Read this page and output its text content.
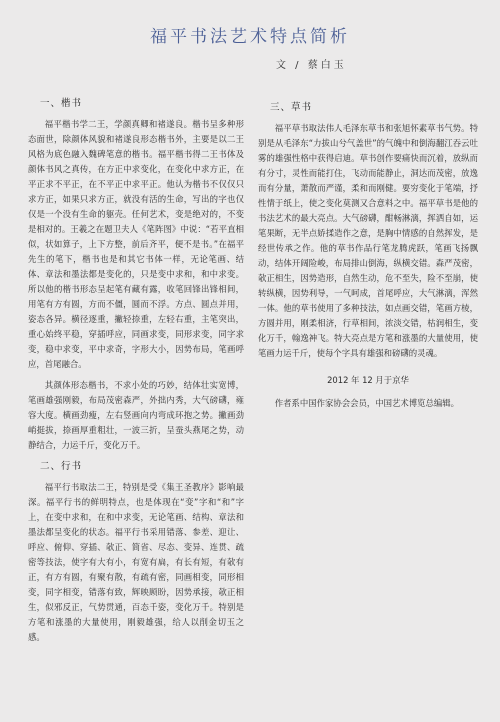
福平书法艺术特点简析
文 / 蔡白玉
一、楷书

福平楷书学二王，学颜真卿和褚遂良。楷书呈多种形态面世，除颜体风貌和褚遂良形态楷书外，主要是以二王风格为底色融入魏碑笔意的楷书。福平楷书得二王书体及颜体书风之真传，在方正中求变化，在变化中求方正，在平正求不平正，在不平正中求平正。他认为楷书不仅仅只求方正，如果只求方正，就没有活的生命，写出的字也仅仅是一个没有生命的躯壳。任何艺术，变是绝对的，不变是相对的。王羲之在题卫夫人《笔阵图》中说：“若平直相似，状如算子，上下方整，前后齐平，便不是书。”在福平先生的笔下，楷书也是和其它书体一样，无论笔画、结体、章法和墨法都是变化的，只是变中求和，和中求变。所以他的楷书形态呈起笔有藏有露，收笔回锋出锋相间，用笔有方有圆，方而不僵，圆而不浮。方点、圆点并用，姿态各异。横径逐重，撇轻捺重，左轻右重，主笔突出，重心始终平稳，穿插呼应，同画求变，同形求变，同字求变，稳中求变，平中求奇，字形大小，因势布局，笔画呼应，首尾融合。

其颜体形态楷书，不求小处的巧妙，结体壮实宽博，笔画雄强刚毅，布局茂密森严，外拙内秀，大气磅礴，雍容大度。横画劲瘦，左右竖画向内弯成环抱之势。撇画劲峭挺拔，捺画厚重粗壮，一波三折，呈蚕头燕尾之势，动静结合，力运千斤，变化万千。

二、行书

福平行书取法二王，特别是受《集王圣教序》影响最深。福平行书的鲜明特点，也是体现在“变”字和“和”字上，在变中求和，在和中求变，无论笔画、结构、章法和墨法都呈变化的状态。福平行书采用错落、参差、迎让、呼应、俯仰、穿插、欹正、简省、尽态、变异、连贯、疏密等技法，使字有大有小，有宽有扁，有长有短，有欹有正，有方有圆，有聚有散，有疏有密，同画相变，同形相变，同字相变，错落有致，辉映顾盼，因势承接，欹正相生，似邪反正，气势贯通，百态千姿，变化万千。特别是方笔和涨墨的大量使用，刚毅雄强，给人以削金切玉之感。

三、草书

福平草书取法伟人毛泽东草书和张旭怀素草书气势。特别是从毛泽东“力拔山兮气盖世”的气魄中和倒海翻江吞云吐雾的雄强性格中获得启迪。草书创作要痛快而沉着，放纵而有分寸，灵性而能打住，飞动而能静止，洞达而茂密，放逸而有分量，萧散而严谨，柔和而刚健。要穷变化于笔端，抒性情于纸上，使之变化莫测又合意料之中。福平草书是他的书法艺术的最大亮点。大气磅礴，酣畅淋漓，挥洒自如，运笔果断，无半点娇揉造作之意，是胸中情感的自然挥发，是经世传承之作。他的草书作品行笔龙腾虎跃，笔画飞扬飘动，结体开阔险峻，布局排山倒海，纵横交错。森严茂密，欹正相生，因势造形，自然生动，危不至失，险不至崩，使转纵横，因势利导，一气呵成，首尾呼应，大气淋漓，浑然一体。他的草书使用了多种技法，如点画交错，笔画方棱，方圆并用，刚柔相济，行草相间，浓淡交错，枯润相生，变化万千，翰逸神飞。特大亮点是方笔和涨墨的大量使用，使笔画力运千斤，使每个字具有雄强和磅礴的灵魂。

2012 年 12 月于京华

作者系中国作家协会会员，中国艺术博览总编辑。
